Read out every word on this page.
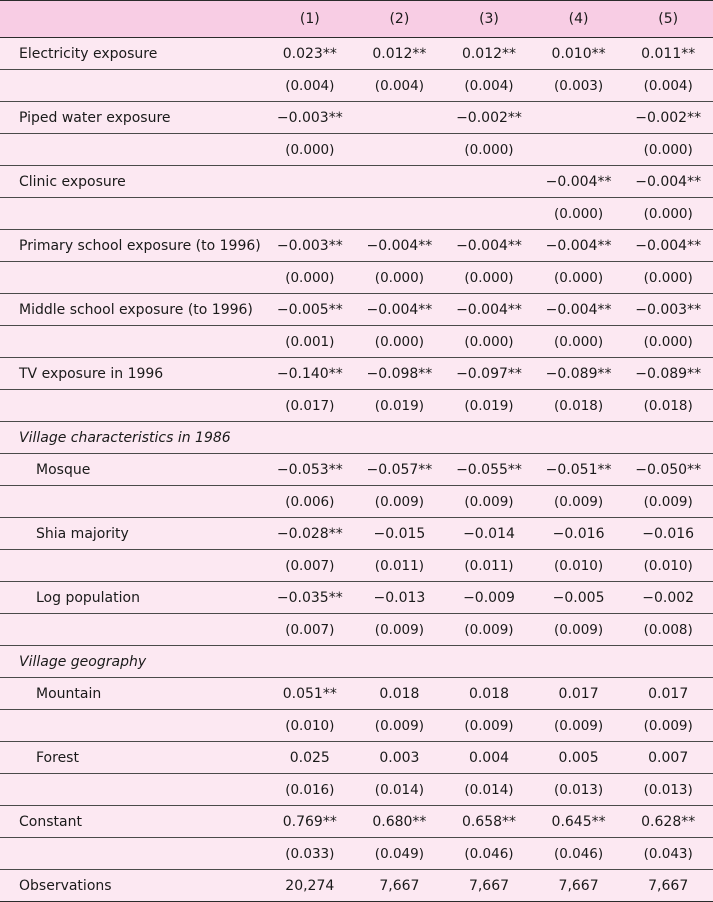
	(1)	(2)	(3)	(4)	(5)
Electricity exposure	0.023**	0.012**	0.012**	0.010**	0.011**
	(0.004)	(0.004)	(0.004)	(0.003)	(0.004)
Piped water exposure	−0.003**		−0.002**		−0.002**
	(0.000)		(0.000)		(0.000)
Clinic exposure				−0.004**	−0.004**
				(0.000)	(0.000)
Primary school exposure (to 1996)	−0.003**	−0.004**	−0.004**	−0.004**	−0.004**
	(0.000)	(0.000)	(0.000)	(0.000)	(0.000)
Middle school exposure (to 1996)	−0.005**	−0.004**	−0.004**	−0.004**	−0.003**
	(0.001)	(0.000)	(0.000)	(0.000)	(0.000)
TV exposure in 1996	−0.140**	−0.098**	−0.097**	−0.089**	−0.089**
	(0.017)	(0.019)	(0.019)	(0.018)	(0.018)
Village characteristics in 1986					
Mosque	−0.053**	−0.057**	−0.055**	−0.051**	−0.050**
	(0.006)	(0.009)	(0.009)	(0.009)	(0.009)
Shia majority	−0.028**	−0.015	−0.014	−0.016	−0.016
	(0.007)	(0.011)	(0.011)	(0.010)	(0.010)
Log population	−0.035**	−0.013	−0.009	−0.005	−0.002
	(0.007)	(0.009)	(0.009)	(0.009)	(0.008)
Village geography					
Mountain	0.051**	0.018	0.018	0.017	0.017
	(0.010)	(0.009)	(0.009)	(0.009)	(0.009)
Forest	0.025	0.003	0.004	0.005	0.007
	(0.016)	(0.014)	(0.014)	(0.013)	(0.013)
Constant	0.769**	0.680**	0.658**	0.645**	0.628**
	(0.033)	(0.049)	(0.046)	(0.046)	(0.043)
Observations	20,274	7,667	7,667	7,667	7,667
